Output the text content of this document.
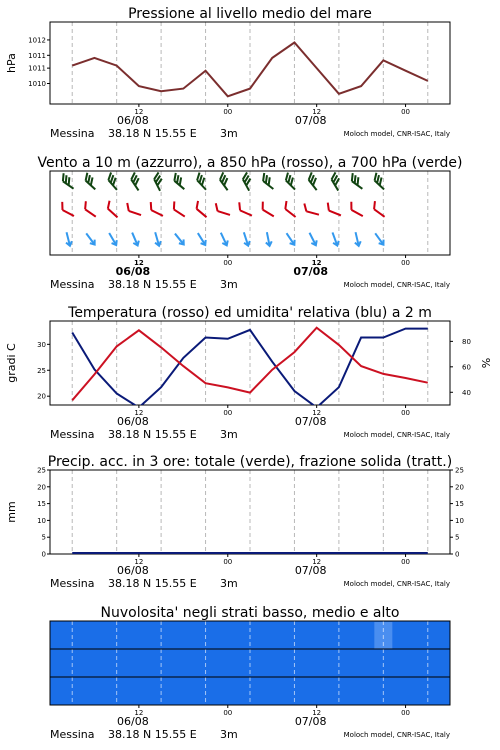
Pressione al livello medio del mare
12	00	12	00
06/08	07/08
Messina 38.18 N 15.55 E 3m	Moloch model, CNR-ISAC, Italy
hPa
Vento a 10 m (azzurro), a 850 hPa (rosso), a 700 hPa (verde)
12	00	12	00
06/08	07/08
Messina 38.18 N 15.55 E 3m	Moloch model, CNR-ISAC, Italy
Temperatura (rosso) ed umidita' relativa (blu) a 2 m
12	00	12	00
06/08	07/08
Messina 38.18 N 15.55 E 3m	Moloch model, CNR-ISAC, Italy
gradi C	%
Precip. acc. in 3 ore: totale (verde), frazione solida (tratt.)
12	00	12	00
06/08	07/08
Messina 38.18 N 15.55 E 3m	Moloch model, CNR-ISAC, Italy
mm
Nuvolosita' negli strati basso, medio e alto
12	00	12	00
06/08	07/08
Messina 38.18 N 15.55 E 3m	Moloch model, CNR-ISAC, Italy
1012
1011
1011
1010
30
25
20
80
60
40
25	25
20	20
15	15
10	10
5	5
0	0
